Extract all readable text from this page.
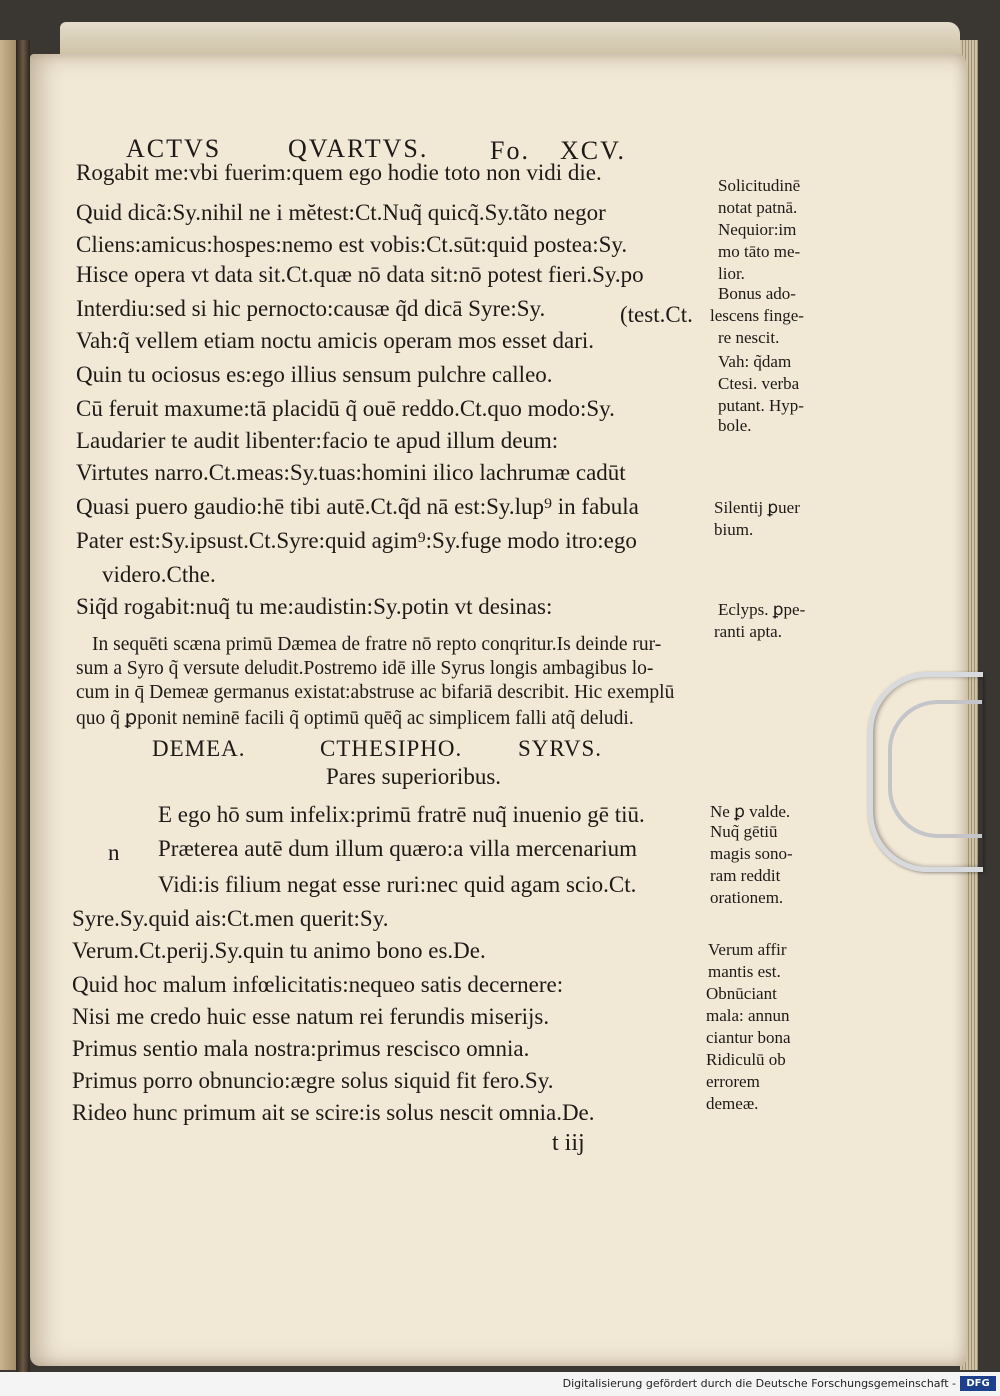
ACTVS	QVARTVS. Fo. XCV.
Rogabit me:vbi fuerim:quem ego hodie toto non vidi die.
Quid dicã:Sy.nihil ne i mĕtest:Ct.Nuq̃ quicq̃.Sy.tãto negor
Cliens:amicus:hospes:nemo est vobis:Ct.sūt:quid postea:Sy.
Hisce opera vt data sit.Ct.quæ nō data sit:nō potest fieri.Sy.po
Interdiu:sed si hic pernocto:causæ q̃d dicā Syre:Sy.	(test.Ct.
Vah:q̃ vellem etiam noctu amicis operam mos esset dari.
Quin tu ociosus es:ego illius sensum pulchre calleo.
Cū feruit maxume:tā placidū q̃ ouē reddo.Ct.quo modo:Sy.
Laudarier te audit libenter:facio te apud illum deum:
Virtutes narro.Ct.meas:Sy.tuas:homini ilico lachrumæ cadūt
Quasi puero gaudio:hē tibi autē.Ct.q̃d nā est:Sy.lup⁹ in fabula
Pater est:Sy.ipsust.Ct.Syre:quid agim⁹:Sy.fuge modo itro:ego
videro.Cthe.
Siq̃d rogabit:nuq̃ tu me:audistin:Sy.potin vt desinas:
In sequēti scæna primū Dæmea de fratre nō repto conqritur.Is deinde rur-
sum a Syro q̃ versute deludit.Postremo idē ille Syrus longis ambagibus lo-
cum in q̄ Demeæ germanus existat:abstruse ac bifariā describit. Hic exemplū
quo q̃ ꝑponit neminē facili q̃ optimū quēq̃ ac simplicem falli atq̃ deludi.
DEMEA.	CTHESIPHO. SYRVS.
Pares superioribus.
E ego hō sum infelix:primū fratrē nuq̃ inuenio gē tiū.
n Præterea autē dum illum quæro:a villa mercenarium
Vidi:is filium negat esse ruri:nec quid agam scio.Ct.
Syre.Sy.quid ais:Ct.men querit:Sy.
Verum.Ct.perij.Sy.quin tu animo bono es.De.
Quid hoc malum infœlicitatis:nequeo satis decernere:
Nisi me credo huic esse natum rei ferundis miserijs.
Primus sentio mala nostra:primus rescisco omnia.
Primus porro obnuncio:ægre solus siquid fit fero.Sy.
Rideo hunc primum ait se scire:is solus nescit omnia.De.
t iij
Solicitudinē
notat patnā.
Nequior:im
mo tāto me-
lior.
Bonus ado-
lescens finge-
re nescit.
Vah: q̃dam
Ctesi. verba
putant. Hyp-
bole.
Silentij ꝑuer
bium.
Eclyps. ꝑpe-
ranti apta.
Ne ꝑ valde.
Nuq̃ gētiū
magis sono-
ram reddit
orationem.
Verum affir
mantis est.
Obnūciant
mala: annun
ciantur bona
Ridiculū ob
errorem
demeæ.
Digitalisierung gefördert durch die Deutsche Forschungsgemeinschaft -	DFG
